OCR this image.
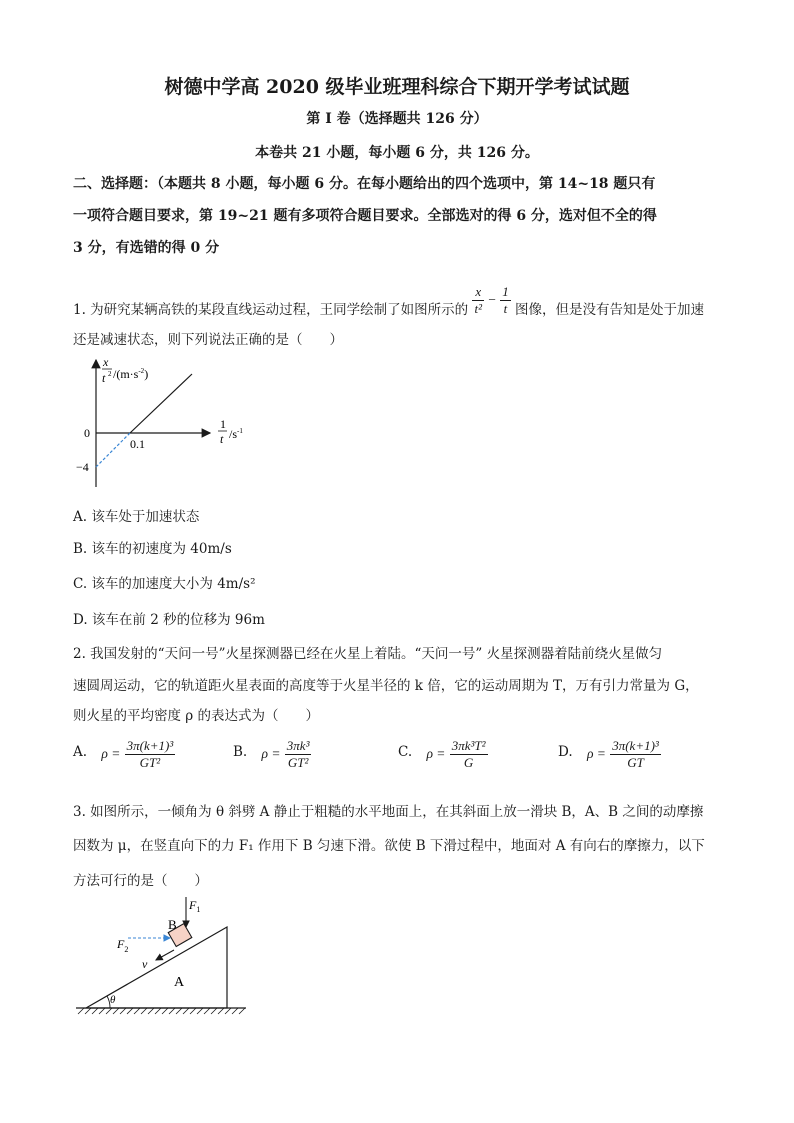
树德中学高 2020 级毕业班理科综合下期开学考试试题
第 I 卷（选择题共 126 分）
本卷共 21 小题，每小题 6 分，共 126 分。
二、选择题：（本题共 8 小题，每小题 6 分。在每小题给出的四个选项中，第 14~18 题只有
一项符合题目要求，第 19~21 题有多项符合题目要求。全部选对的得 6 分，选对但不全的得
3 分，有选错的得 0 分
1. 为研究某辆高铁的某段直线运动过程，王同学绘制了如图所示的 $\frac{x}{\text{t²}} - \frac{1}{t}$ 图像，但是没有告知是处于加速
还是减速状态，则下列说法正确的是（　　）
x
t 2 $/(m\cdot s^{-2})$
1
t $/s^{-1}$
0
0.1
−4
A. 该车处于加速状态
B. 该车的初速度为 40m/s
C. 该车的加速度大小为 4m/s²
D. 该车在前 2 秒的位移为 96m
2. 我国发射的“天问一号”火星探测器已经在火星上着陆。“天问一号” 火星探测器着陆前绕火星做匀
速圆周运动，它的轨道距火星表面的高度等于火星半径的 k 倍，它的运动周期为 T，万有引力常量为 G，
则火星的平均密度 ρ 的表达式为（　　）
A. $\rho = \frac{\text{3π(k+1)³}}{\text{GT²}}$	B. $\rho = \frac{\text{3πk³}}{\text{GT²}}$	C. $\rho = \frac{\text{3πk³T²}}{G}$	D. $\rho = \frac{\text{3π(k+1)³}}{GT}$
3. 如图所示，一倾角为 θ 斜劈 A 静止于粗糙的水平地面上，在其斜面上放一滑块 B，A、B 之间的动摩擦
因数为 μ，在竖直向下的力 F₁ 作用下 B 匀速下滑。欲使 B 下滑过程中，地面对 A 有向右的摩擦力，以下
方法可行的是（　　）
θ
$F_1$
$F_2$
B
v
A
